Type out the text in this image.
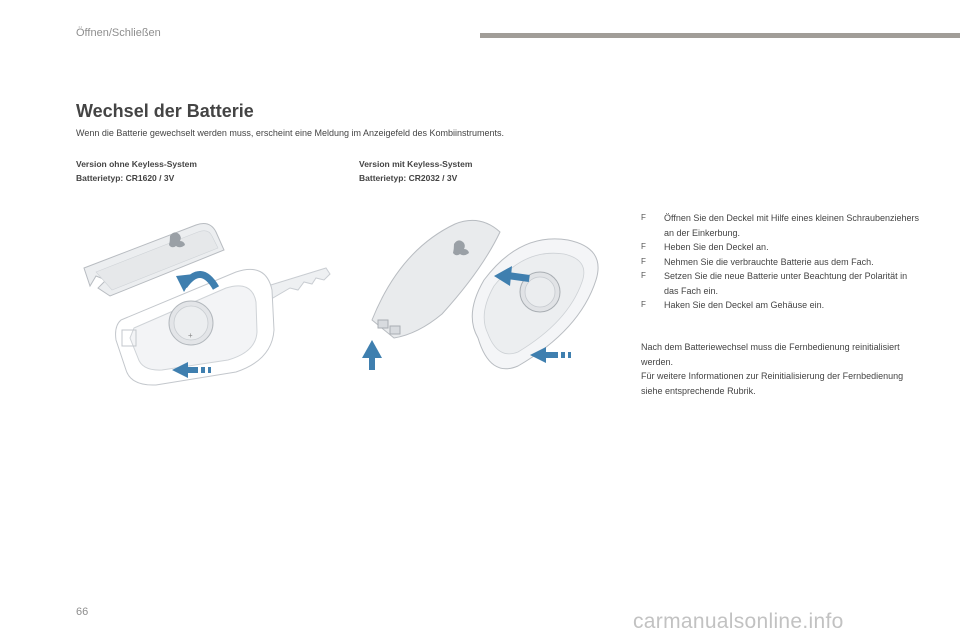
Öffnen/Schließen
Wechsel der Batterie
Wenn die Batterie gewechselt werden muss, erscheint eine Meldung im Anzeigefeld des Kombiinstruments.
Version ohne Keyless-System
Batterietyp: CR1620 / 3V
Version mit Keyless-System
Batterietyp: CR2032 / 3V
+
F Öffnen Sie den Deckel mit Hilfe eines kleinen Schraubenziehers an der Einkerbung.
F Heben Sie den Deckel an.
F Nehmen Sie die verbrauchte Batterie aus dem Fach.
F Setzen Sie die neue Batterie unter Beachtung der Polarität in das Fach ein.
F Haken Sie den Deckel am Gehäuse ein.

Nach dem Batteriewechsel muss die Fernbedienung reinitialisiert werden.

Für weitere Informationen zur Reinitialisierung der Fernbedienung siehe entsprechende Rubrik.

66	carmanualsonline.info
